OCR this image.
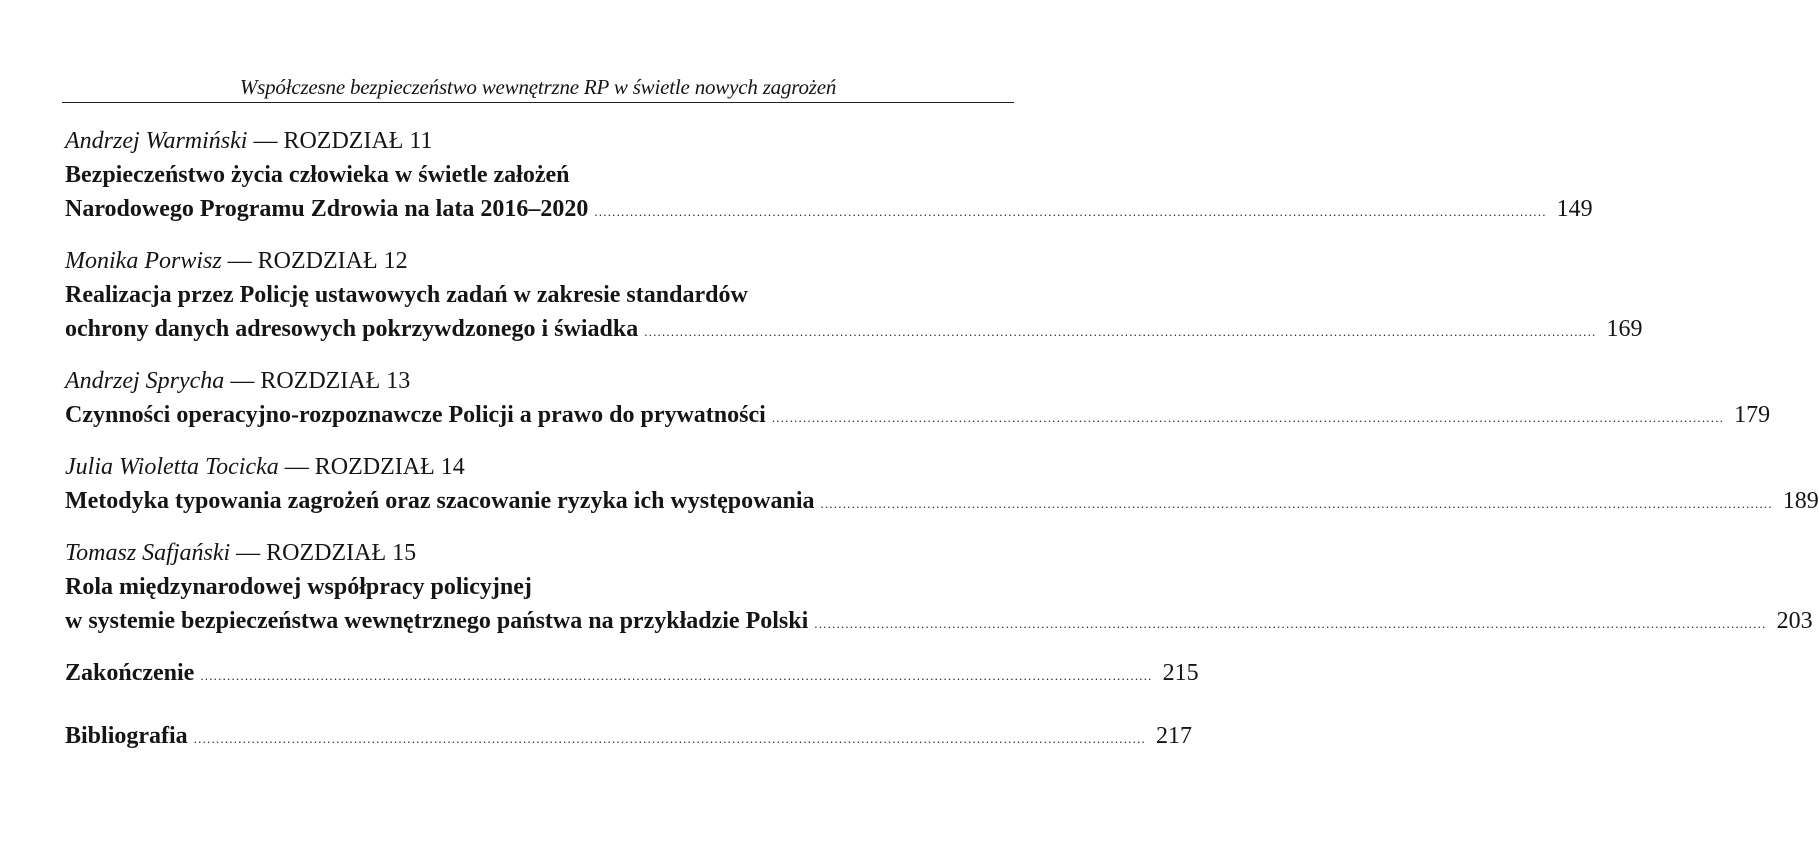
Współczesne bezpieczeństwo wewnętrzne RP w świetle nowych zagrożeń
Andrzej Warmiński — ROZDZIAŁ 11
Bezpieczeństwo życia człowieka w świetle założeń
Narodowego Programu Zdrowia na lata 2016–2020 ...................................................................................................................................................................................................................... 149
Monika Porwisz — ROZDZIAŁ 12
Realizacja przez Policję ustawowych zadań w zakresie standardów
ochrony danych adresowych pokrzywdzonego i świadka ...................................................................................................................................................................................................................... 169
Andrzej Sprycha — ROZDZIAŁ 13
Czynności operacyjno-rozpoznawcze Policji a prawo do prywatności ...................................................................................................................................................................................................................... 179
Julia Wioletta Tocicka — ROZDZIAŁ 14
Metodyka typowania zagrożeń oraz szacowanie ryzyka ich występowania ...................................................................................................................................................................................................................... 189
Tomasz Safjański — ROZDZIAŁ 15
Rola międzynarodowej współpracy policyjnej
w systemie bezpieczeństwa wewnętrznego państwa na przykładzie Polski ...................................................................................................................................................................................................................... 203
Zakończenie ...................................................................................................................................................................................................................... 215
Bibliografia ...................................................................................................................................................................................................................... 217
